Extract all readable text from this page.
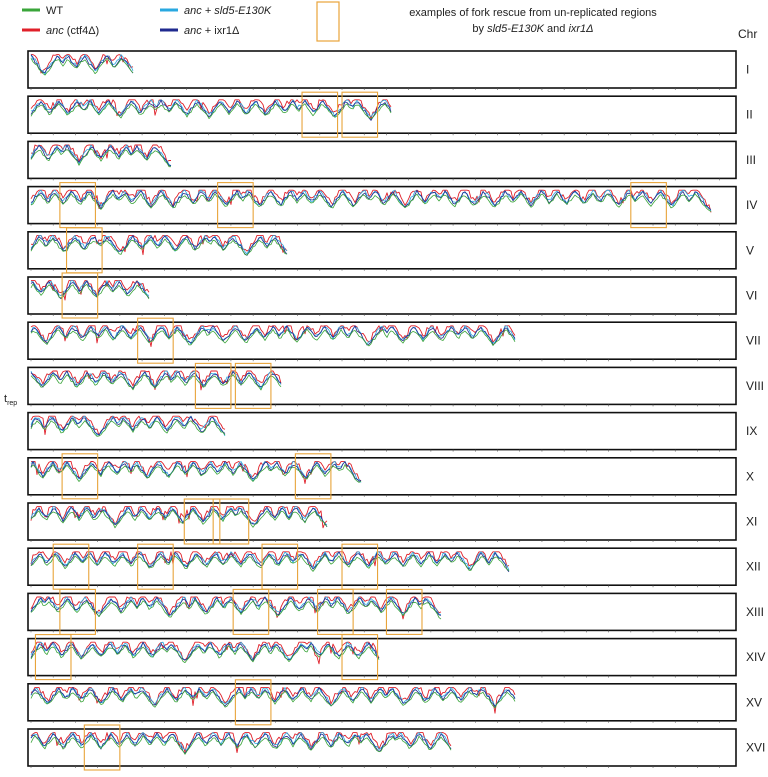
WT
anc (ctf4Δ)
anc + sld5-E130K
anc + ixr1Δ
examples of fork rescue from un-replicated regions
by sld5-E130K and ixr1Δ	Chr
$t_{rep}$
I
II
III
IV
V
VI
VII
VIII
IX
X
XI
XII
XIII
XIV
XV
XVI
